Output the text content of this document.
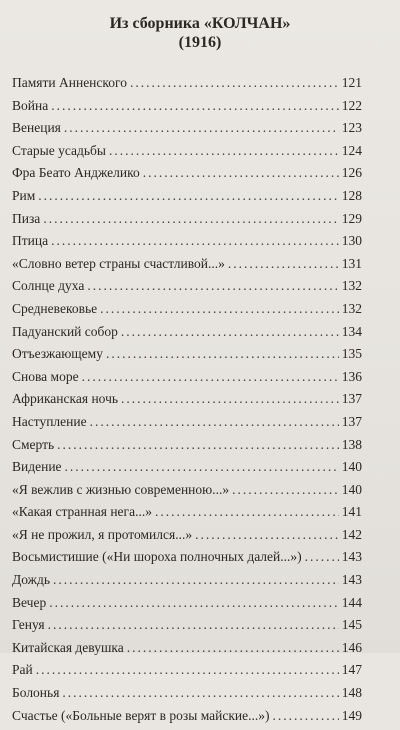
Из сборника «КОЛЧАН»
(1916)
Памяти Анненского .....	121
Война .....	122
Венеция .....	123
Старые усадьбы .....	124
Фра Беато Анджелико .....	126
Рим .....	128
Пиза .....	129
Птица .....	130
«Словно ветер страны счастливой...» .....	131
Солнце духа .....	132
Средневековье .....	132
Падуанский собор .....	134
Отъезжающему .....	135
Снова море .....	136
Африканская ночь .....	137
Наступление .....	137
Смерть .....	138
Видение .....	140
«Я вежлив с жизнью современною...» .....	140
«Какая странная нега...» .....	141
«Я не прожил, я протомился...» .....	142
Восьмистишие («Ни шороха полночных далей...») .....	143
Дождь .....	143
Вечер .....	144
Генуя .....	145
Китайская девушка .....	146
Рай .....	147
Болонья .....	148
Счастье («Больные верят в розы майские...») .....	149
